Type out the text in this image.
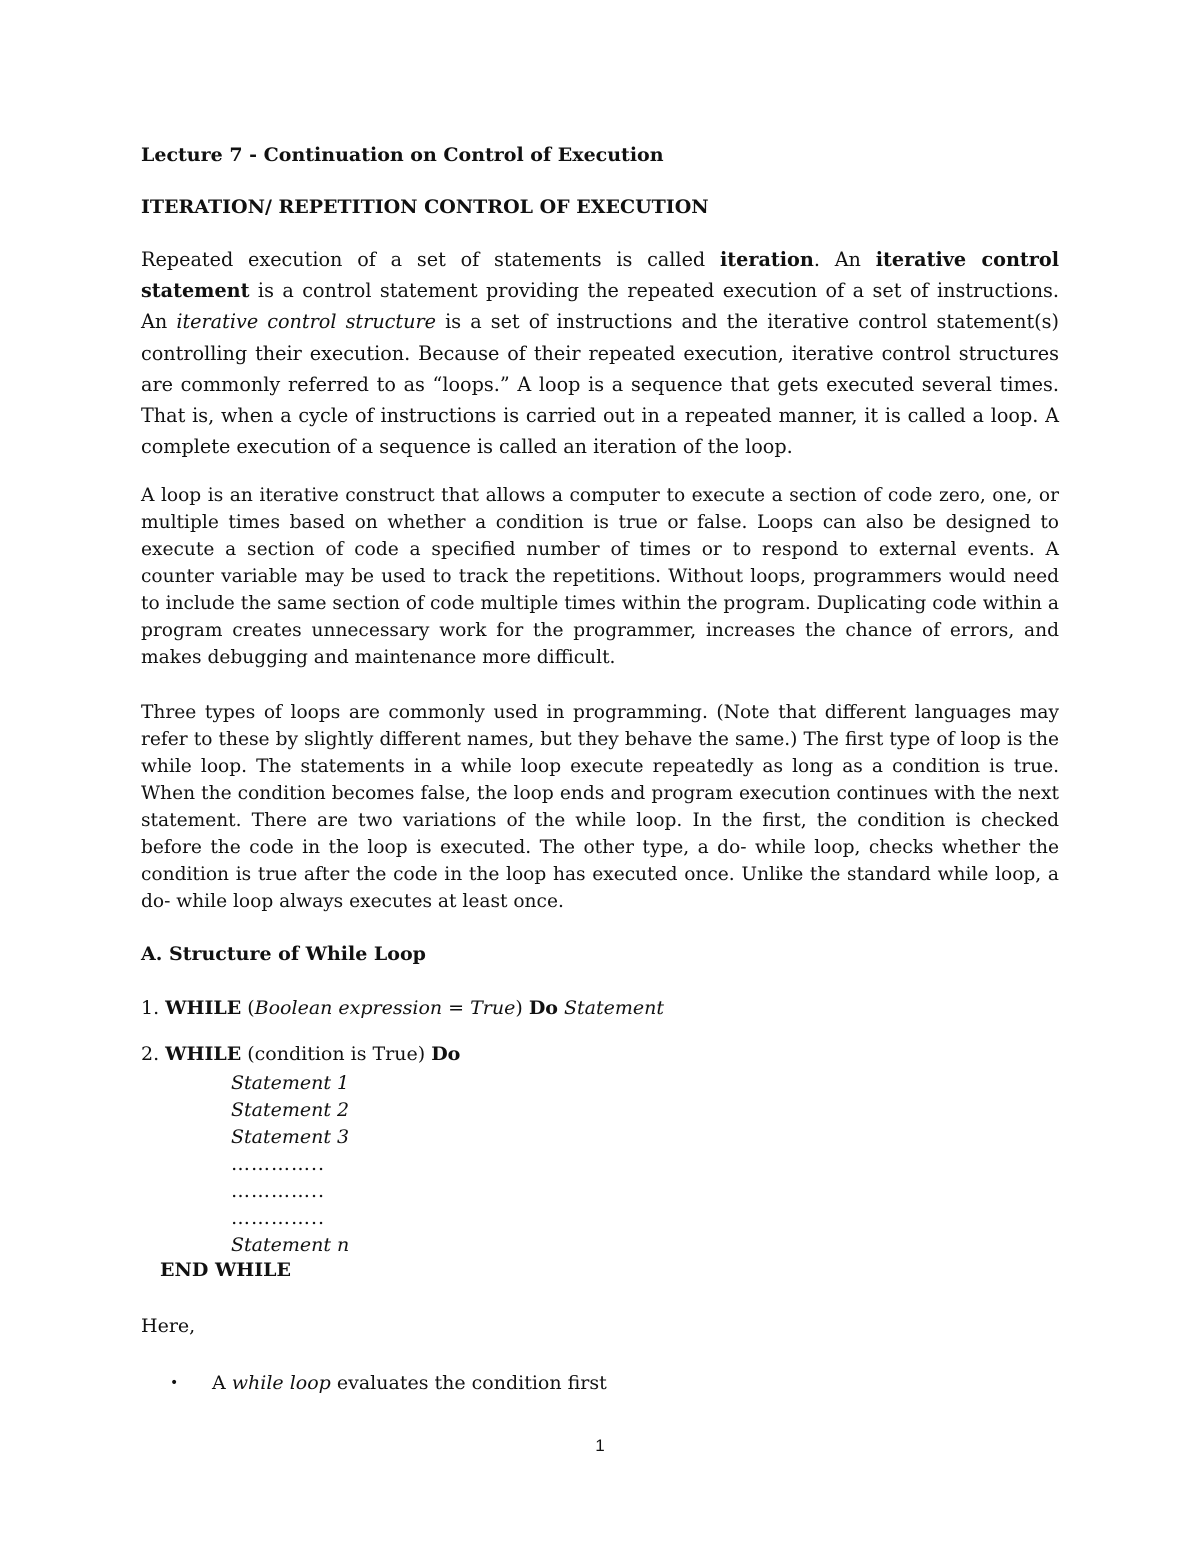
Lecture 7 - Continuation on Control of Execution

ITERATION/ REPETITION CONTROL OF EXECUTION

Repeated execution of a set of statements is called iteration. An iterative control statement is a control statement providing the repeated execution of a set of instructions. An iterative control structure is a set of instructions and the iterative control statement(s) controlling their execution. Because of their repeated execution, iterative control structures are commonly referred to as “loops.” A loop is a sequence that gets executed several times. That is, when a cycle of instructions is carried out in a repeated manner, it is called a loop. A complete execution of a sequence is called an iteration of the loop.

A loop is an iterative construct that allows a computer to execute a section of code zero, one, or multiple times based on whether a condition is true or false. Loops can also be designed to execute a section of code a specified number of times or to respond to external events. A counter variable may be used to track the repetitions. Without loops, programmers would need to include the same section of code multiple times within the program. Duplicating code within a program creates unnecessary work for the programmer, increases the chance of errors, and makes debugging and maintenance more difficult.

Three types of loops are commonly used in programming. (Note that different languages may refer to these by slightly different names, but they behave the same.) The first type of loop is the while loop. The statements in a while loop execute repeatedly as long as a condition is true. When the condition becomes false, the loop ends and program execution continues with the next statement. There are two variations of the while loop. In the first, the condition is checked before the code in the loop is executed. The other type, a do- while loop, checks whether the condition is true after the code in the loop has executed once. Unlike the standard while loop, a do- while loop always executes at least once.

A. Structure of While Loop

1. WHILE (Boolean expression = True) Do Statement

2. WHILE (condition is True) Do

Statement 1
Statement 2
Statement 3
…………..
…………..
…………..
Statement n
END WHILE

Here,

• A while loop evaluates the condition first
1
